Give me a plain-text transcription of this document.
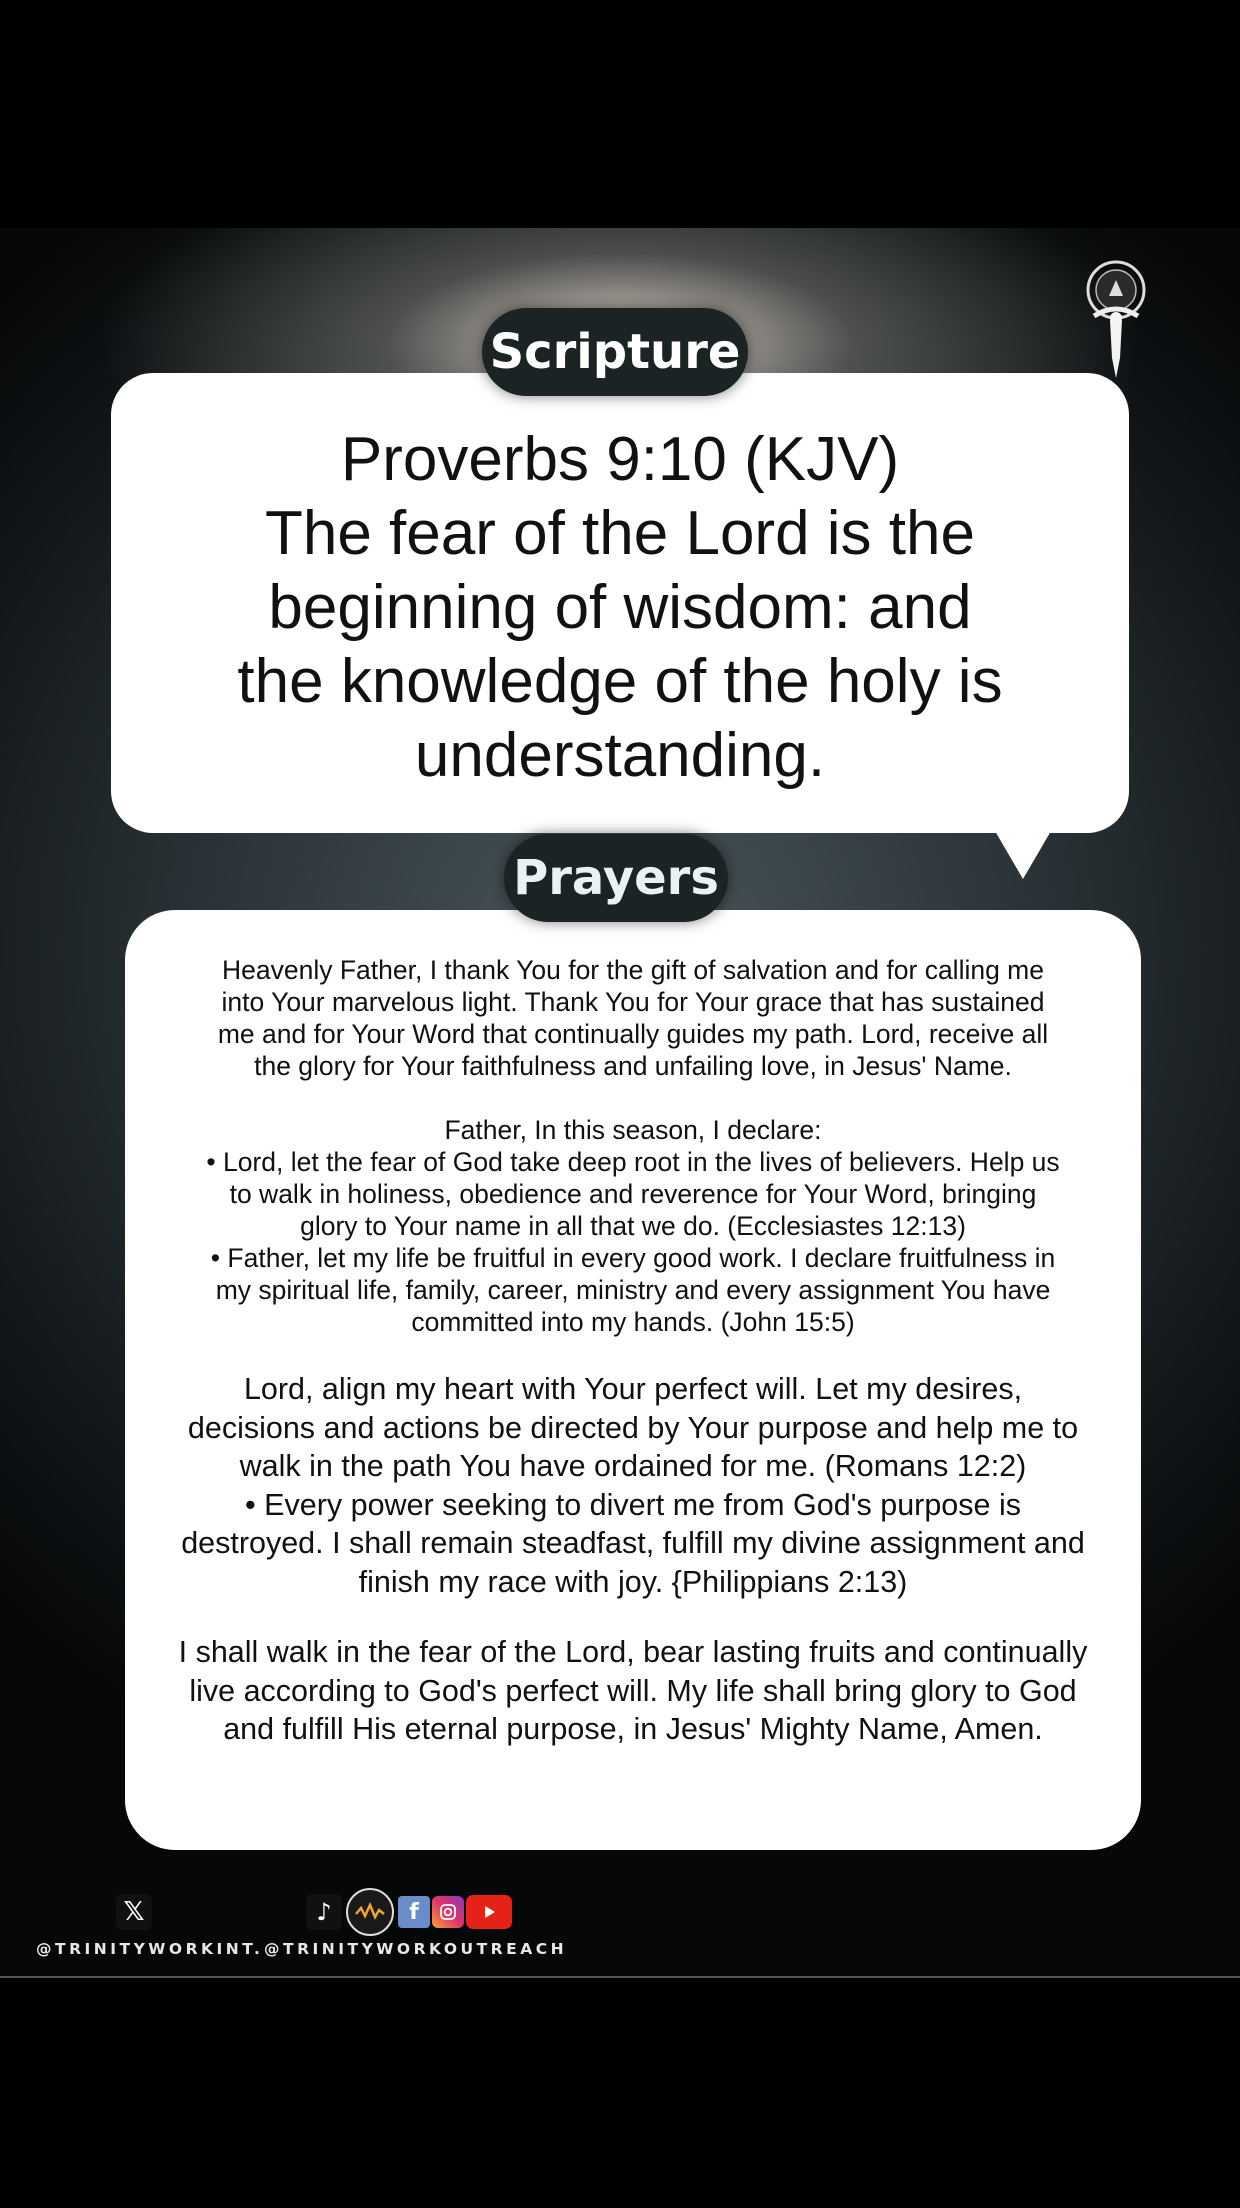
Proverbs 9:10 (KJV)
The fear of the Lord is the
beginning of wisdom: and
the knowledge of the holy is
understanding.
Scripture

Heavenly Father, I thank You for the gift of salvation and for calling me
into Your marvelous light. Thank You for Your grace that has sustained
me and for Your Word that continually guides my path. Lord, receive all
the glory for Your faithfulness and unfailing love, in Jesus' Name.

Father, In this season, I declare:
• Lord, let the fear of God take deep root in the lives of believers. Help us
to walk in holiness, obedience and reverence for Your Word, bringing
glory to Your name in all that we do. (Ecclesiastes 12:13)
• Father, let my life be fruitful in every good work. I declare fruitfulness in
my spiritual life, family, career, ministry and every assignment You have
committed into my hands. (John 15:5)

Lord, align my heart with Your perfect will. Let my desires,
decisions and actions be directed by Your purpose and help me to
walk in the path You have ordained for me. (Romans 12:2)
• Every power seeking to divert me from God's purpose is
destroyed. I shall remain steadfast, fulfill my divine assignment and
finish my race with joy. {Philippians 2:13)

I shall walk in the fear of the Lord, bear lasting fruits and continually
live according to God's perfect will. My life shall bring glory to God
and fulfill His eternal purpose, in Jesus' Mighty Name, Amen.

Prayers
𝕏
@TRINITYWORKINT.
♪	f
@TRINITYWORKOUTREACH
